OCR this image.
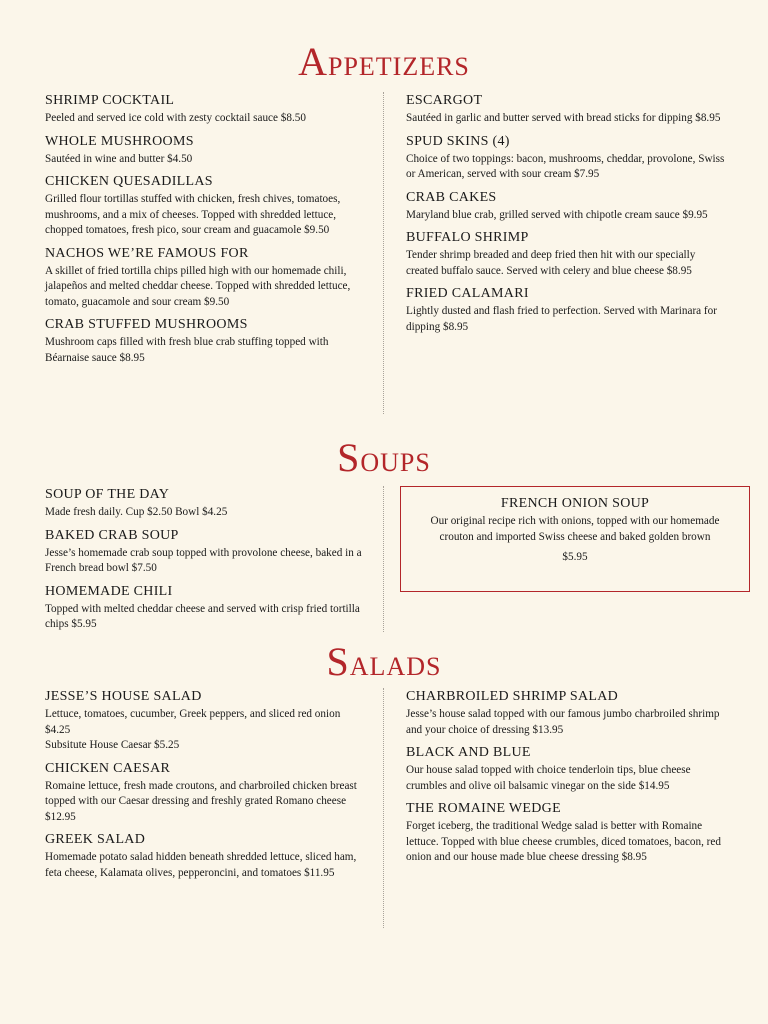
APPETIZERS
SHRIMP COCKTAIL

Peeled and served ice cold with zesty cocktail sauce $8.50

WHOLE MUSHROOMS

Sautéed in wine and butter $4.50

CHICKEN QUESADILLAS

Grilled flour tortillas stuffed with chicken, fresh chives, tomatoes, mushrooms, and a mix of cheeses. Topped with shredded lettuce, chopped tomatoes, fresh pico, sour cream and guacamole $9.50

NACHOS WE’RE FAMOUS FOR

A skillet of fried tortilla chips pilled high with our homemade chili, jalapeños and melted cheddar cheese. Topped with shredded lettuce, tomato, guacamole and sour cream $9.50

CRAB STUFFED MUSHROOMS

Mushroom caps filled with fresh blue crab stuffing topped with Béarnaise sauce $8.95

ESCARGOT

Sautéed in garlic and butter served with bread sticks for dipping $8.95

SPUD SKINS (4)

Choice of two toppings: bacon, mushrooms, cheddar, provolone, Swiss or American, served with sour cream $7.95

CRAB CAKES

Maryland blue crab, grilled served with chipotle cream sauce $9.95

BUFFALO SHRIMP

Tender shrimp breaded and deep fried then hit with our specially created buffalo sauce. Served with celery and blue cheese $8.95

FRIED CALAMARI

Lightly dusted and flash fried to perfection. Served with Marinara for dipping $8.95

SOUPS
SOUP OF THE DAY

Made fresh daily. Cup $2.50 Bowl $4.25

BAKED CRAB SOUP

Jesse’s homemade crab soup topped with provolone cheese, baked in a French bread bowl $7.50

HOMEMADE CHILI

Topped with melted cheddar cheese and served with crisp fried tortilla chips $5.95

FRENCH ONION SOUP

Our original recipe rich with onions, topped with our homemade crouton and imported Swiss cheese and baked golden brown

$5.95
SALADS
JESSE’S HOUSE SALAD

Lettuce, tomatoes, cucumber, Greek peppers, and sliced red onion $4.25

Subsitute House Caesar $5.25

CHICKEN CAESAR

Romaine lettuce, fresh made croutons, and charbroiled chicken breast topped with our Caesar dressing and freshly grated Romano cheese $12.95

GREEK SALAD

Homemade potato salad hidden beneath shredded lettuce, sliced ham, feta cheese, Kalamata olives, pepperoncini, and tomatoes $11.95

CHARBROILED SHRIMP SALAD

Jesse’s house salad topped with our famous jumbo charbroiled shrimp and your choice of dressing $13.95

BLACK AND BLUE

Our house salad topped with choice tenderloin tips, blue cheese crumbles and olive oil balsamic vinegar on the side $14.95

THE ROMAINE WEDGE

Forget iceberg, the traditional Wedge salad is better with Romaine lettuce. Topped with blue cheese crumbles, diced tomatoes, bacon, red onion and our house made blue cheese dressing $8.95
